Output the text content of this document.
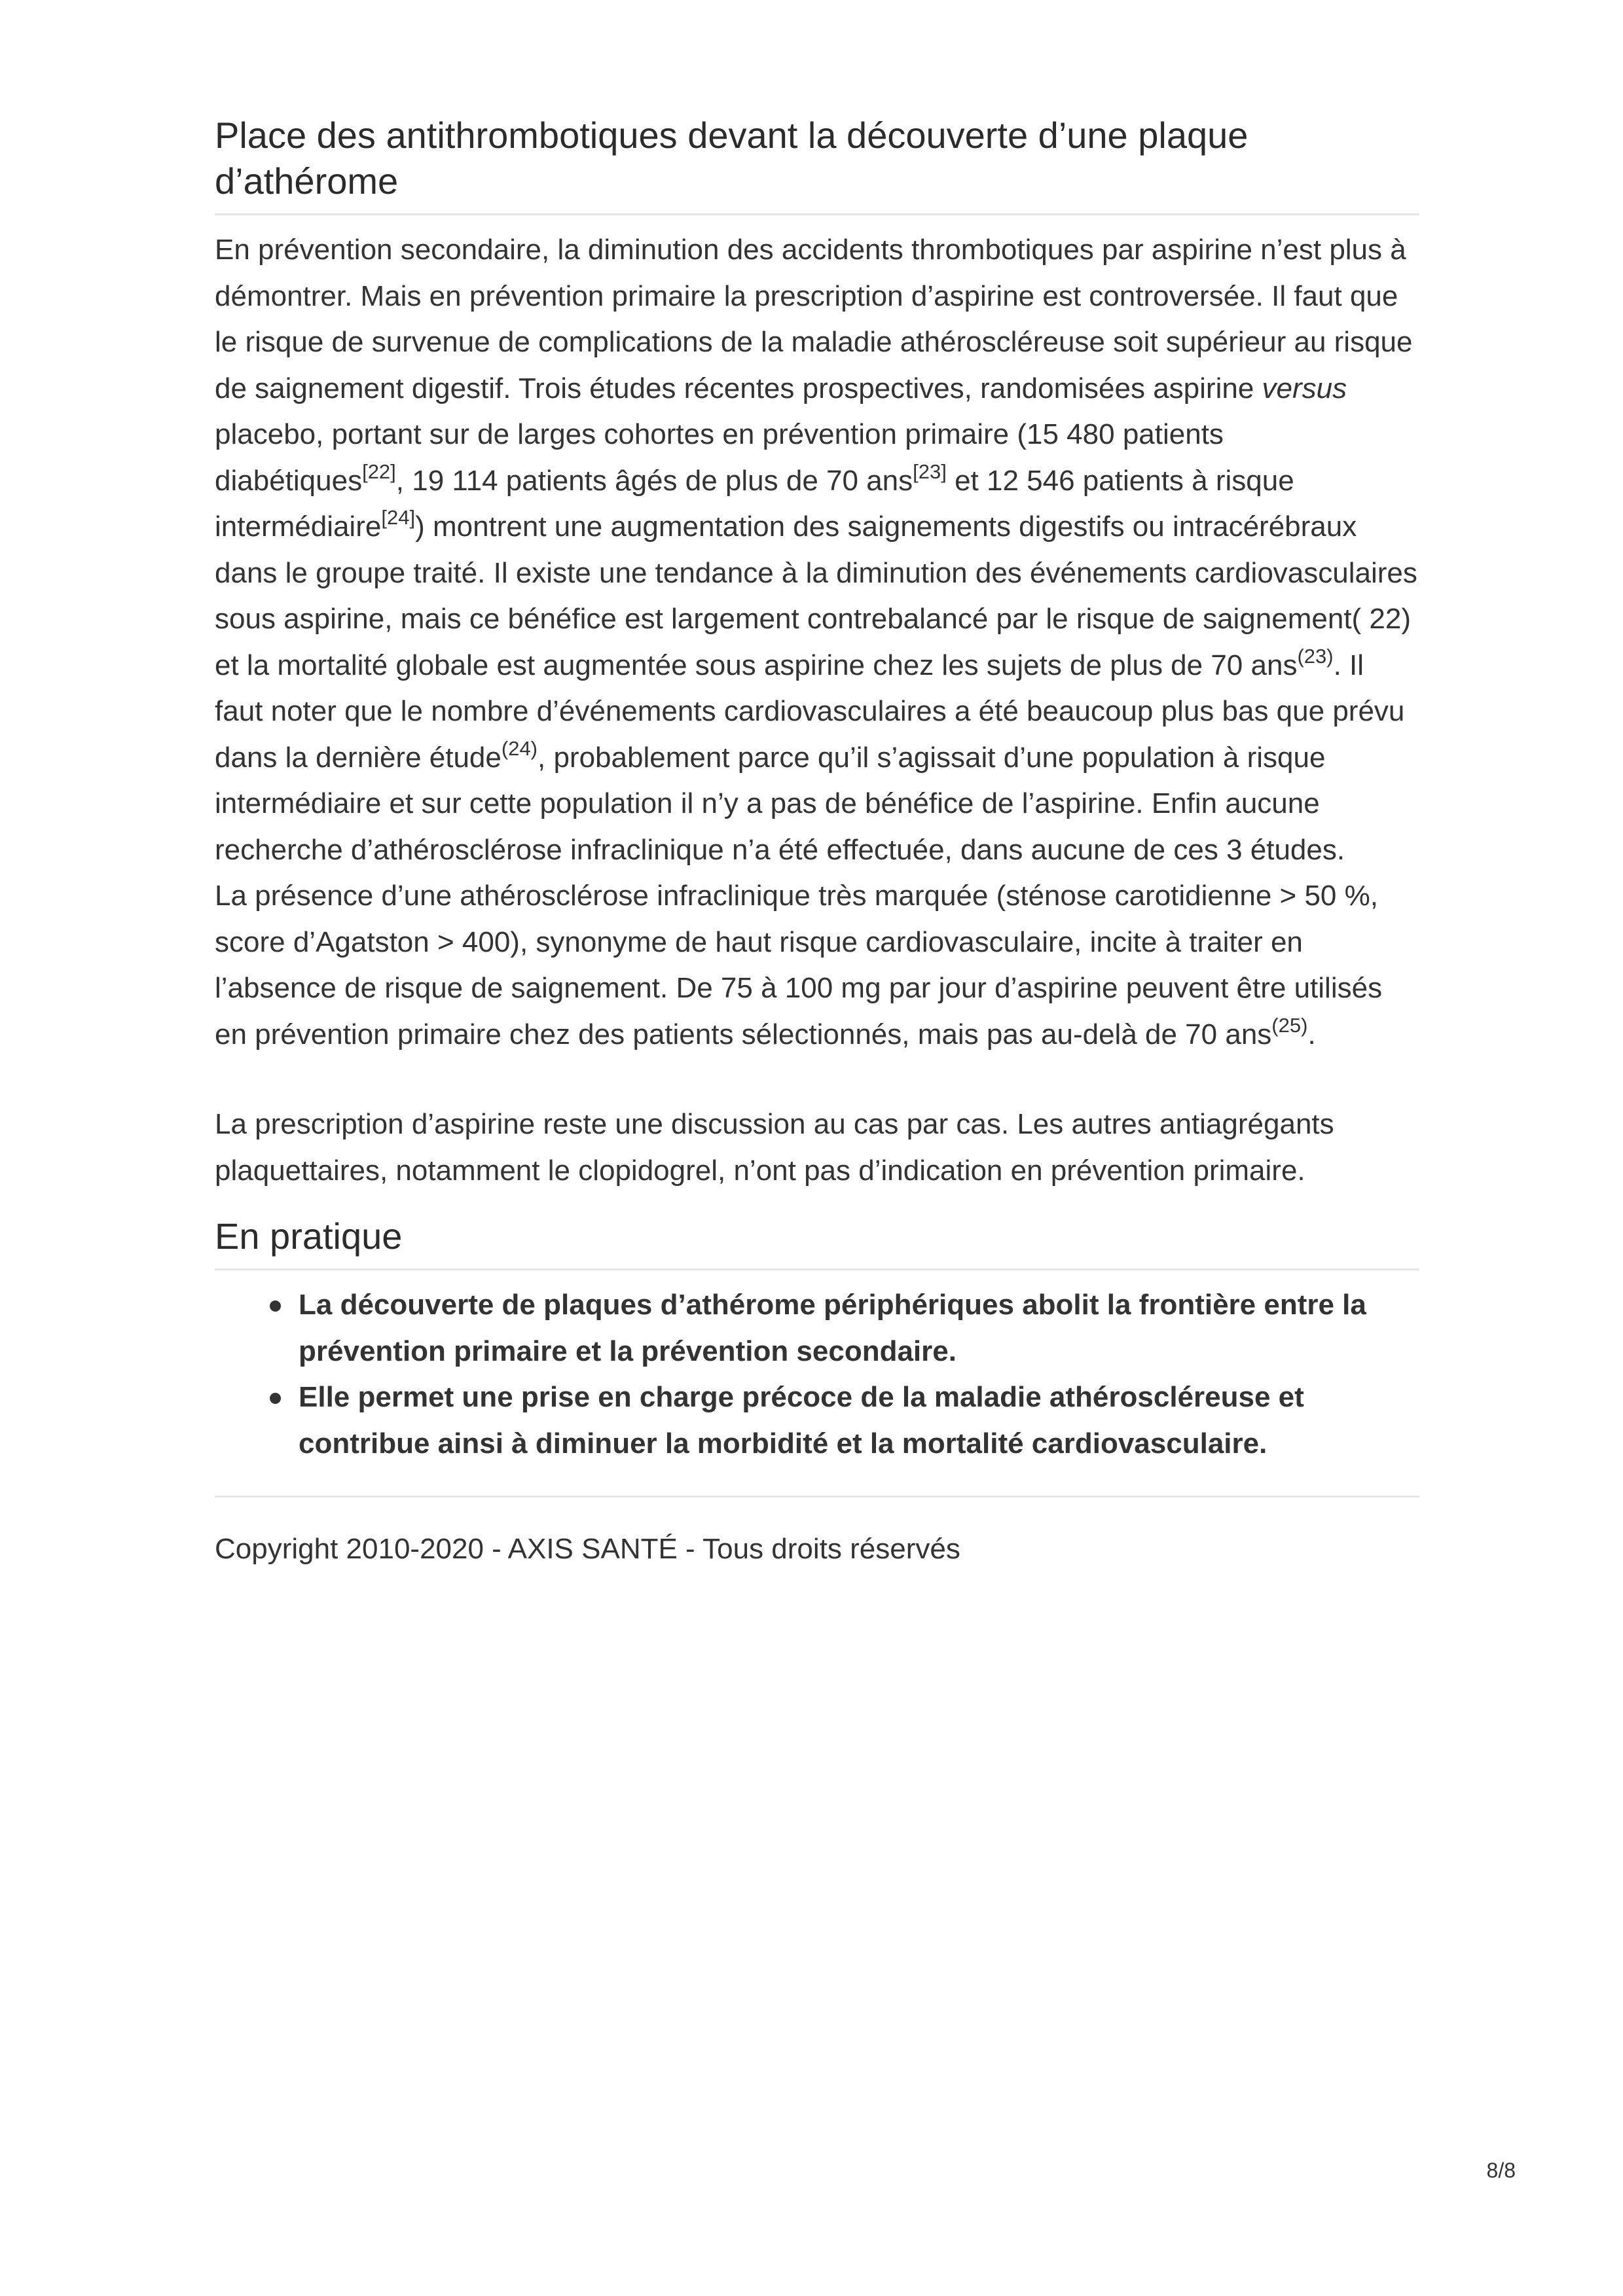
Place des antithrombotiques devant la découverte d’une plaque d’athérome

En prévention secondaire, la diminution des accidents thrombotiques par aspirine n’est plus à démontrer. Mais en prévention primaire la prescription d’aspirine est controversée. Il faut que le risque de survenue de complications de la maladie athéroscléreuse soit supérieur au risque de saignement digestif. Trois études récentes prospectives, randomisées aspirine versus placebo, portant sur de larges cohortes en prévention primaire (15 480 patients diabétiques[22], 19 114 patients âgés de plus de 70 ans[23] et 12 546 patients à risque intermédiaire[24]) montrent une augmentation des saignements digestifs ou intracérébraux dans le groupe traité. Il existe une tendance à la diminution des événements cardiovasculaires sous aspirine, mais ce bénéfice est largement contrebalancé par le risque de saignement( 22) et la mortalité globale est augmentée sous aspirine chez les sujets de plus de 70 ans$^{(23)}$. Il faut noter que le nombre d’événements cardiovasculaires a été beaucoup plus bas que prévu dans la dernière étude$^{(24)}$, probablement parce qu’il s’agissait d’une population à risque intermédiaire et sur cette population il n’y a pas de bénéfice de l’aspirine. Enfin aucune recherche d’athérosclérose infraclinique n’a été effectuée, dans aucune de ces 3 études.

La présence d’une athérosclérose infraclinique très marquée (sténose carotidienne > 50 %, score d’Agatston > 400), synonyme de haut risque cardiovasculaire, incite à traiter en l’absence de risque de saignement. De 75 à 100 mg par jour d’aspirine peuvent être utilisés en prévention primaire chez des patients sélectionnés, mais pas au-delà de 70 ans$^{(25)}$.

La prescription d’aspirine reste une discussion au cas par cas. Les autres antiagrégants plaquettaires, notamment le clopidogrel, n’ont pas d’indication en prévention primaire.

En pratique
La découverte de plaques d’athérome périphériques abolit la frontière entre la prévention primaire et la prévention secondaire.
Elle permet une prise en charge précoce de la maladie athéroscléreuse et contribue ainsi à diminuer la morbidité et la mortalité cardiovasculaire.

Copyright 2010-2020 - AXIS SANTÉ - Tous droits réservés

8/8
